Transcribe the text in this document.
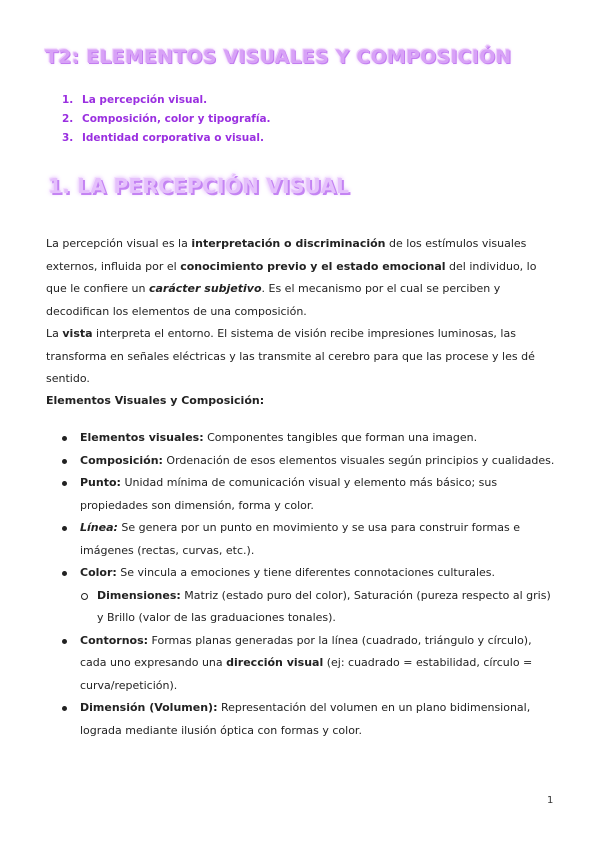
T2: ELEMENTOS VISUALES Y COMPOSICIÓN
1. La percepción visual.
2. Composición, color y tipografía.
3. Identidad corporativa o visual.
1. LA PERCEPCIÓN VISUAL

La percepción visual es la interpretación o discriminación de los estímulos visuales externos, influida por el conocimiento previo y el estado emocional del individuo, lo que le confiere un carácter subjetivo. Es el mecanismo por el cual se perciben y decodifican los elementos de una composición.

La vista interpreta el entorno. El sistema de visión recibe impresiones luminosas, las transforma en señales eléctricas y las transmite al cerebro para que las procese y les dé sentido.

Elementos Visuales y Composición:

Elementos visuales: Componentes tangibles que forman una imagen.
Composición: Ordenación de esos elementos visuales según principios y cualidades.
Punto: Unidad mínima de comunicación visual y elemento más básico; sus propiedades son dimensión, forma y color.
Línea: Se genera por un punto en movimiento y se usa para construir formas e imágenes (rectas, curvas, etc.).
Color: Se vincula a emociones y tiene diferentes connotaciones culturales.
Dimensiones: Matriz (estado puro del color), Saturación (pureza respecto al gris) y Brillo (valor de las graduaciones tonales).
Contornos: Formas planas generadas por la línea (cuadrado, triángulo y círculo), cada uno expresando una dirección visual (ej: cuadrado = estabilidad, círculo = curva/repetición).
Dimensión (Volumen): Representación del volumen en un plano bidimensional, lograda mediante ilusión óptica con formas y color.
1
